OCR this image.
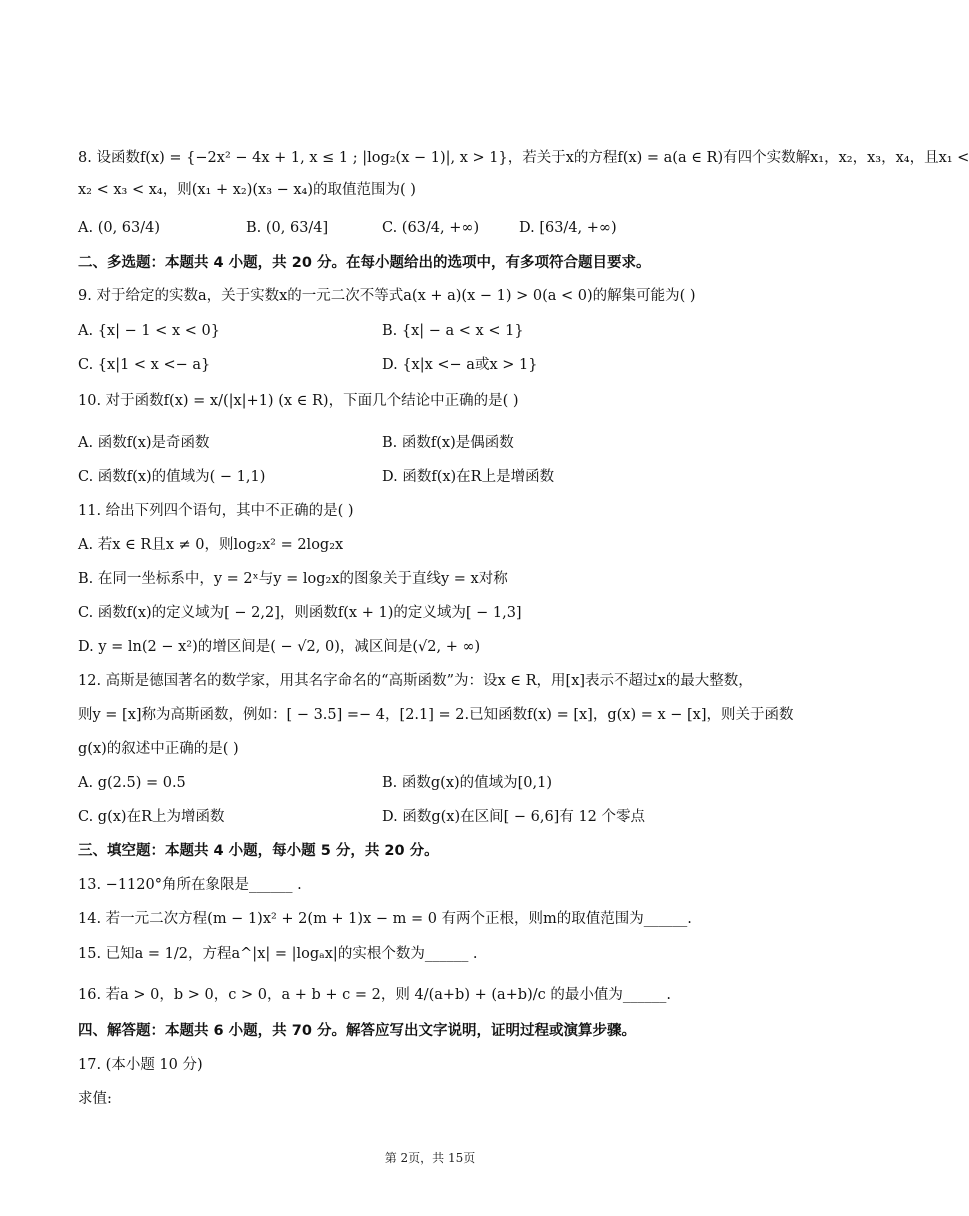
8. 设函数f(x) = {−2x² − 4x + 1, x ≤ 1 ; |log₂(x − 1)|, x > 1}，若关于x的方程f(x) = a(a ∈ R)有四个实数解x₁，x₂，x₃，x₄，且x₁ <
x₂ < x₃ < x₄，则(x₁ + x₂)(x₃ − x₄)的取值范围为( )
A. (0, 63/4)	B. (0, 63/4]	C. (63/4, +∞)	D. [63/4, +∞)
二、多选题：本题共 4 小题，共 20 分。在每小题给出的选项中，有多项符合题目要求。
9. 对于给定的实数a，关于实数x的一元二次不等式a(x + a)(x − 1) > 0(a < 0)的解集可能为( )
A. {x| − 1 < x < 0}	B. {x| − a < x < 1}
C. {x|1 < x <− a}	D. {x|x <− a或x > 1}
10. 对于函数f(x) = x/(|x|+1) (x ∈ R)，下面几个结论中正确的是( )
A. 函数f(x)是奇函数	B. 函数f(x)是偶函数
C. 函数f(x)的值域为( − 1,1)	D. 函数f(x)在R上是增函数
11. 给出下列四个语句，其中不正确的是( )
A. 若x ∈ R且x ≠ 0，则log₂x² = 2log₂x
B. 在同一坐标系中，y = 2ˣ与y = log₂x的图象关于直线y = x对称
C. 函数f(x)的定义域为[ − 2,2]，则函数f(x + 1)的定义域为[ − 1,3]
D. y = ln(2 − x²)的增区间是( − √2, 0)，减区间是(√2, + ∞)
12. 高斯是德国著名的数学家，用其名字命名的“高斯函数”为：设x ∈ R，用[x]表示不超过x的最大整数，
则y = [x]称为高斯函数，例如：[ − 3.5] =− 4，[2.1] = 2.已知函数f(x) = [x]，g(x) = x − [x]，则关于函数
g(x)的叙述中正确的是( )
A. g(2.5) = 0.5	B. 函数g(x)的值域为[0,1)
C. g(x)在R上为增函数	D. 函数g(x)在区间[ − 6,6]有 12 个零点
三、填空题：本题共 4 小题，每小题 5 分，共 20 分。
13. −1120°角所在象限是______ .
14. 若一元二次方程(m − 1)x² + 2(m + 1)x − m = 0 有两个正根，则m的取值范围为______.
15. 已知a = 1/2，方程a^|x| = |logₐx|的实根个数为______ .
16. 若a > 0，b > 0，c > 0，a + b + c = 2，则 4/(a+b) + (a+b)/c 的最小值为______.
四、解答题：本题共 6 小题，共 70 分。解答应写出文字说明，证明过程或演算步骤。
17. (本小题 10 分)
求值:
第 2页，共 15页
